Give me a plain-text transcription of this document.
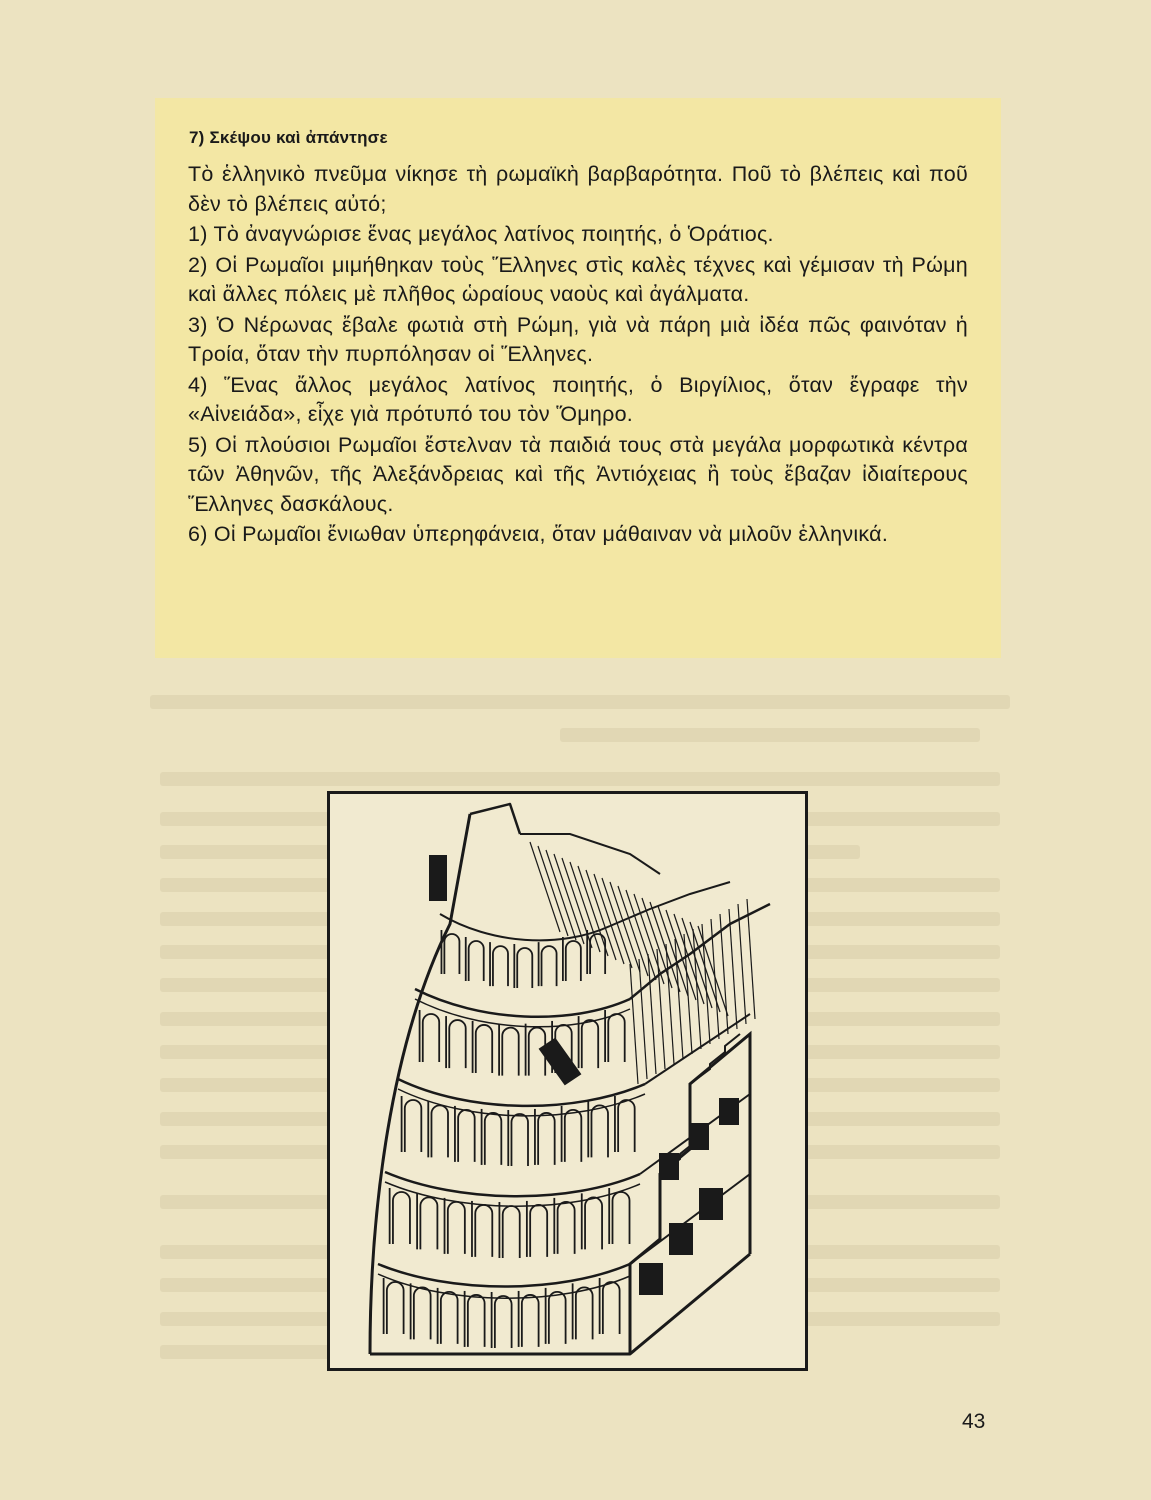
7) Σκέψου καὶ ἀπάντησε

Τὸ ἑλληνικὸ πνεῦμα νίκησε τὴ ρωμαϊκὴ βαρβαρότητα. Ποῦ τὸ βλέπεις καὶ ποῦ δὲν τὸ βλέπεις αὐτό;

1) Τὸ ἀναγνώρισε ἕνας μεγάλος λατίνος ποιητής, ὁ Ὁράτιος.

2) Οἱ Ρωμαῖοι μιμήθηκαν τοὺς Ἕλληνες στὶς καλὲς τέχνες καὶ γέμισαν τὴ Ρώμη καὶ ἄλλες πόλεις μὲ πλῆθος ὡραίους ναοὺς καὶ ἀγάλματα.

3) Ὁ Νέρωνας ἔβαλε φωτιὰ στὴ Ρώμη, γιὰ νὰ πάρη μιὰ ἰδέα πῶς φαινόταν ἡ Τροία, ὅταν τὴν πυρπόλησαν οἱ Ἕλληνες.

4) Ἕνας ἄλλος μεγάλος λατίνος ποιητής, ὁ Βιργίλιος, ὅταν ἔγραφε τὴν «Αἰνειάδα», εἶχε γιὰ πρότυπό του τὸν Ὅμηρο.

5) Οἱ πλούσιοι Ρωμαῖοι ἔστελναν τὰ παιδιά τους στὰ μεγάλα μορφωτικὰ κέντρα τῶν Ἀθηνῶν, τῆς Ἀλεξάνδρειας καὶ τῆς Ἀντιόχειας ἢ τοὺς ἔβαζαν ἰδιαίτερους Ἕλληνες δασκάλους.

6) Οἱ Ρωμαῖοι ἔνιωθαν ὑπερηφάνεια, ὅταν μάθαιναν νὰ μιλοῦν ἑλληνικά.

43
